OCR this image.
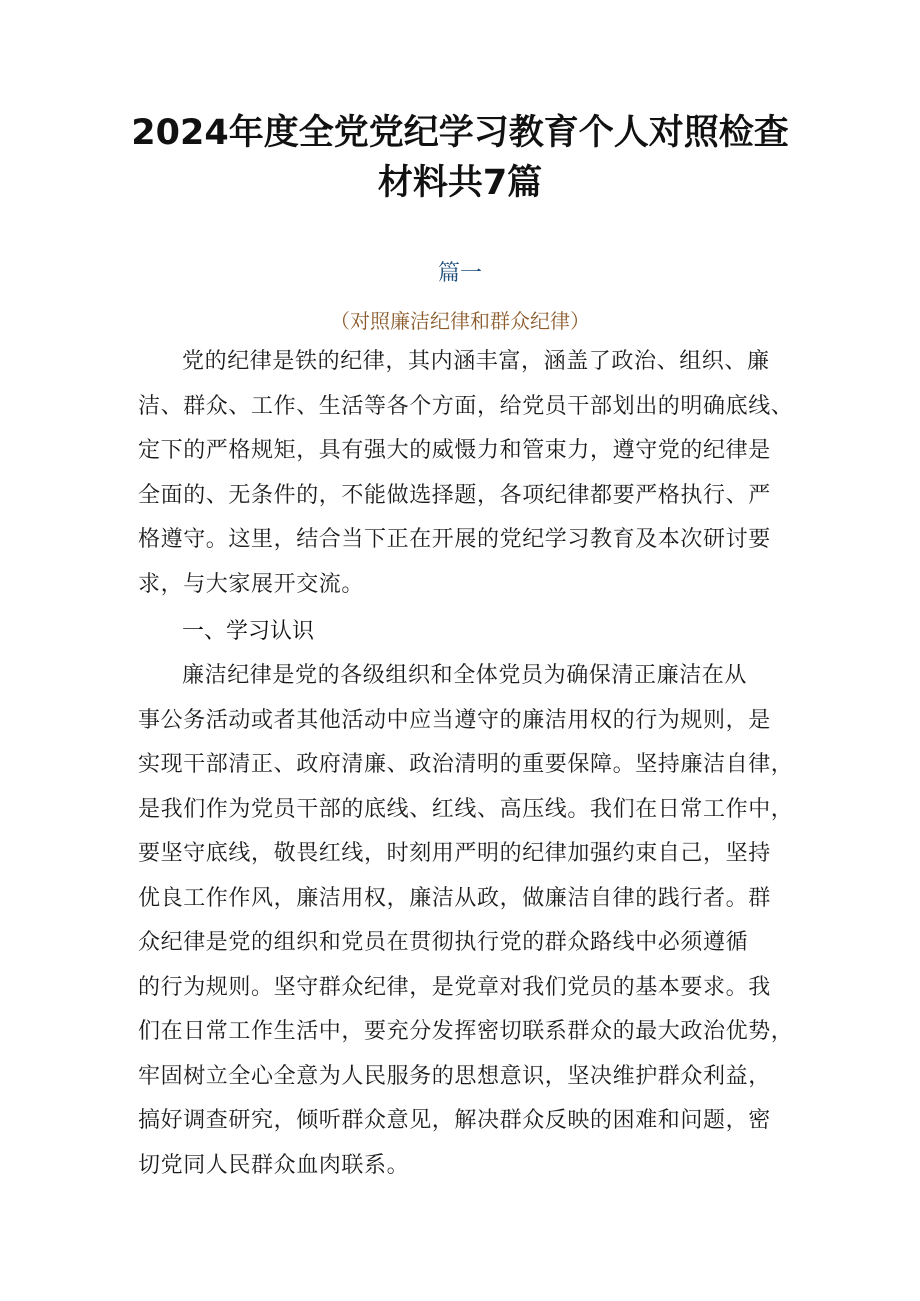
2024年度全党党纪学习教育个人对照检查
材料共7篇
篇一
（对照廉洁纪律和群众纪律）
党的纪律是铁的纪律，其内涵丰富，涵盖了政治、组织、廉
洁、群众、工作、生活等各个方面，给党员干部划出的明确底线、
定下的严格规矩，具有强大的威慑力和管束力，遵守党的纪律是
全面的、无条件的，不能做选择题，各项纪律都要严格执行、严
格遵守。这里，结合当下正在开展的党纪学习教育及本次研讨要
求，与大家展开交流。
一、学习认识
廉洁纪律是党的各级组织和全体党员为确保清正廉洁在从
事公务活动或者其他活动中应当遵守的廉洁用权的行为规则，是
实现干部清正、政府清廉、政治清明的重要保障。坚持廉洁自律，
是我们作为党员干部的底线、红线、高压线。我们在日常工作中，
要坚守底线，敬畏红线，时刻用严明的纪律加强约束自己，坚持
优良工作作风，廉洁用权，廉洁从政，做廉洁自律的践行者。群
众纪律是党的组织和党员在贯彻执行党的群众路线中必须遵循
的行为规则。坚守群众纪律，是党章对我们党员的基本要求。我
们在日常工作生活中，要充分发挥密切联系群众的最大政治优势，
牢固树立全心全意为人民服务的思想意识，坚决维护群众利益，
搞好调查研究，倾听群众意见，解决群众反映的困难和问题，密
切党同人民群众血肉联系。
